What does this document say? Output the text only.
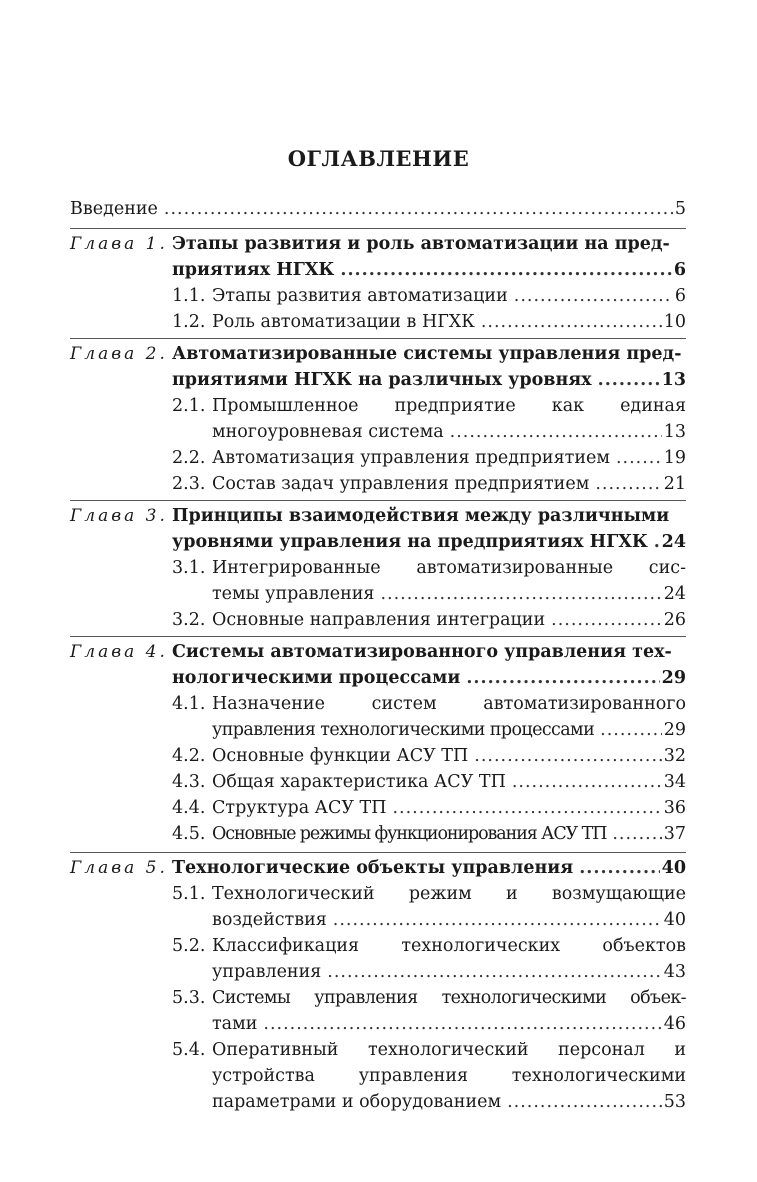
ОГЛАВЛЕНИЕ
Введение .....	5
Глава 1. Этапы развития и роль автоматизации на пред-
приятиях НГХК .....	6
1.1. Этапы развития автоматизации .....	6
1.2. Роль автоматизации в НГХК .....	10
Глава 2. Автоматизированные системы управления пред-
приятиями НГХК на различных уровнях .....	13
2.1. Промышленное предприятие как единая
многоуровневая система .....	13
2.2. Автоматизация управления предприятием .....	19
2.3. Состав задач управления предприятием .....	21
Глава 3. Принципы взаимодействия между различными
уровнями управления на предприятиях НГХК ..... 24
3.1. Интегрированные автоматизированные сис-
темы управления .....	24
3.2. Основные направления интеграции .....	26
Глава 4. Системы автоматизированного управления тех-
нологическими процессами .....	29
4.1. Назначение систем автоматизированного
управления технологическими процессами .....	29
4.2. Основные функции АСУ ТП .....	32
4.3. Общая характеристика АСУ ТП .....	34
4.4. Структура АСУ ТП .....	36
4.5. Основные режимы функционирования АСУ ТП .....	37
Глава 5. Технологические объекты управления .....	40
5.1. Технологический режим и возмущающие
воздействия .....	40
5.2. Классификация технологических объектов
управления .....	43
5.3. Системы управления технологическими объек-
тами .....	46
5.4. Оперативный технологический персонал и
устройства управления технологическими
параметрами и оборудованием .....	53
